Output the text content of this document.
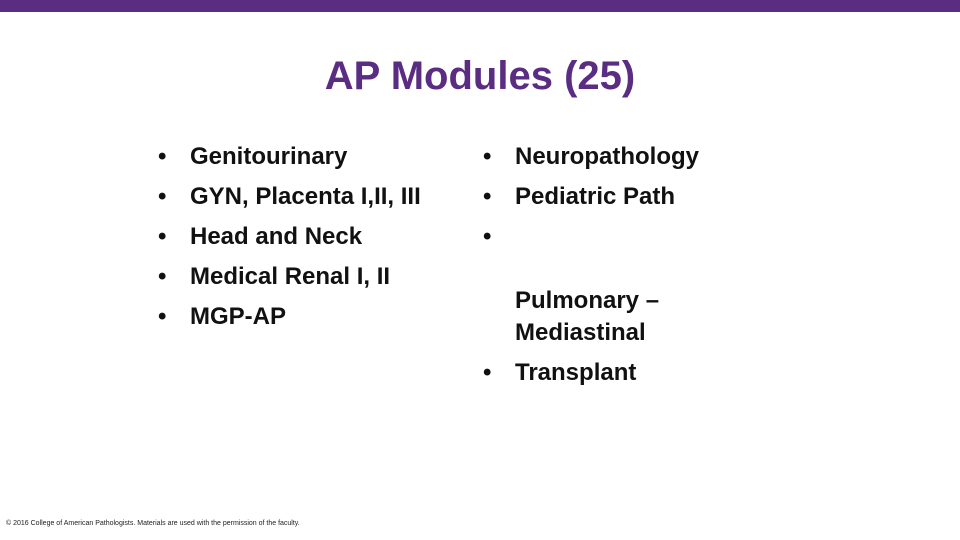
AP Modules (25)
• Genitourinary
• GYN, Placenta I,II, III
• Head and Neck
• Medical Renal I, II
• MGP-AP
• Neuropathology
• Pediatric Path

•

Pulmonary –
Mediastinal

• Transplant
© 2016 College of American Pathologists. Materials are used with the permission of the faculty.
